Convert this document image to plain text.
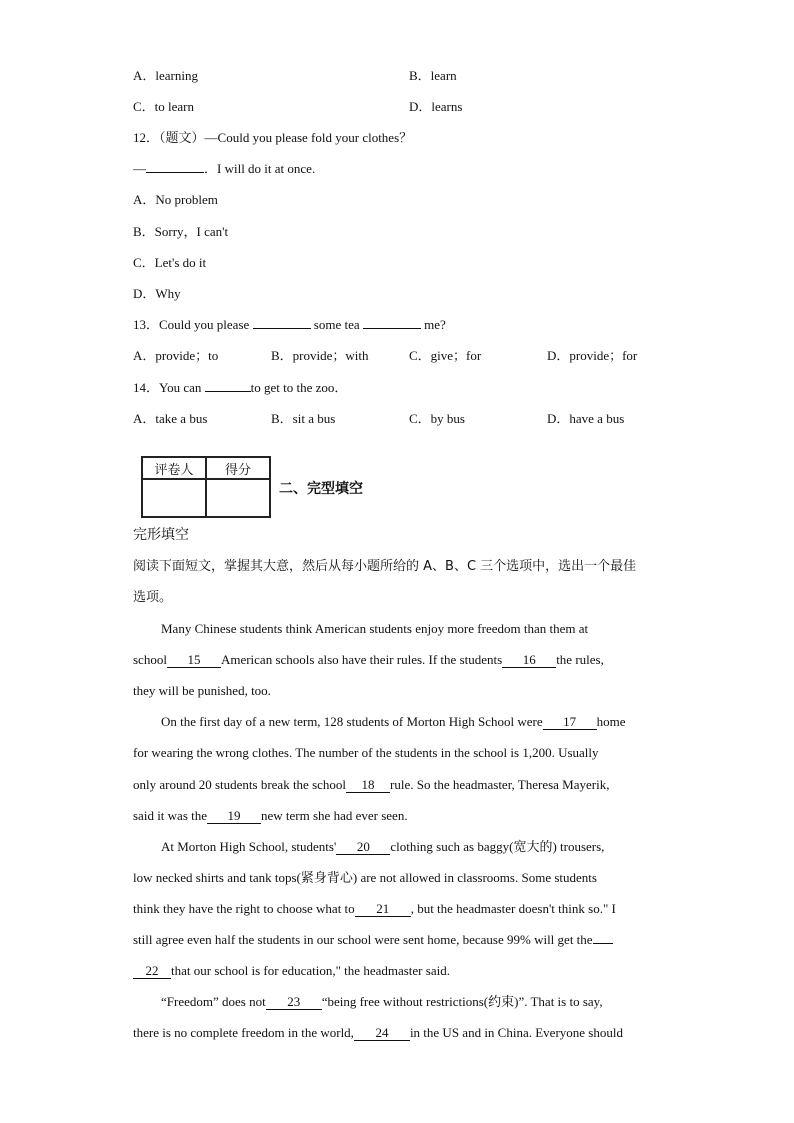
A．learning	B．learn
C．to learn	D．learns
12．（题文）—Could you please fold your clothes？
—	．I will do it at once.
A．No problem
B．Sorry，I can't
C．Let's do it
D．Why
13．Could you please	some tea	me?
A．provide；to	B．provide；with	C．give；for	D．provide；for
14．You can	to get to the zoo．
A．take a bus	B．sit a bus	C．by bus	D．have a bus
评卷人	得分

二、完型填空
完形填空
阅读下面短文，掌握其大意，然后从每小题所给的 A、B、C 三个选项中，选出一个最佳
选项。
Many Chinese students think American students enjoy more freedom than them at
school 15 American schools also have their rules. If the students 16 the rules,
they will be punished, too.
On the first day of a new term, 128 students of Morton High School were 17 home
for wearing the wrong clothes. The number of the students in the school is 1,200. Usually
only around 20 students break the school 18 rule. So the headmaster, Theresa Mayerik,
said it was the 19 new term she had ever seen.
At Morton High School, students' 20 clothing such as baggy(宽大的) trousers,
low necked shirts and tank tops(紧身背心) are not allowed in classrooms. Some students
think they have the right to choose what to 21 , but the headmaster doesn't think so." I
still agree even half the students in our school were sent home, because 99% will get the
22 that our school is for education," the headmaster said.
“Freedom” does not 23 “being free without restrictions(约束)”. That is to say,
there is no complete freedom in the world, 24 in the US and in China. Everyone should
